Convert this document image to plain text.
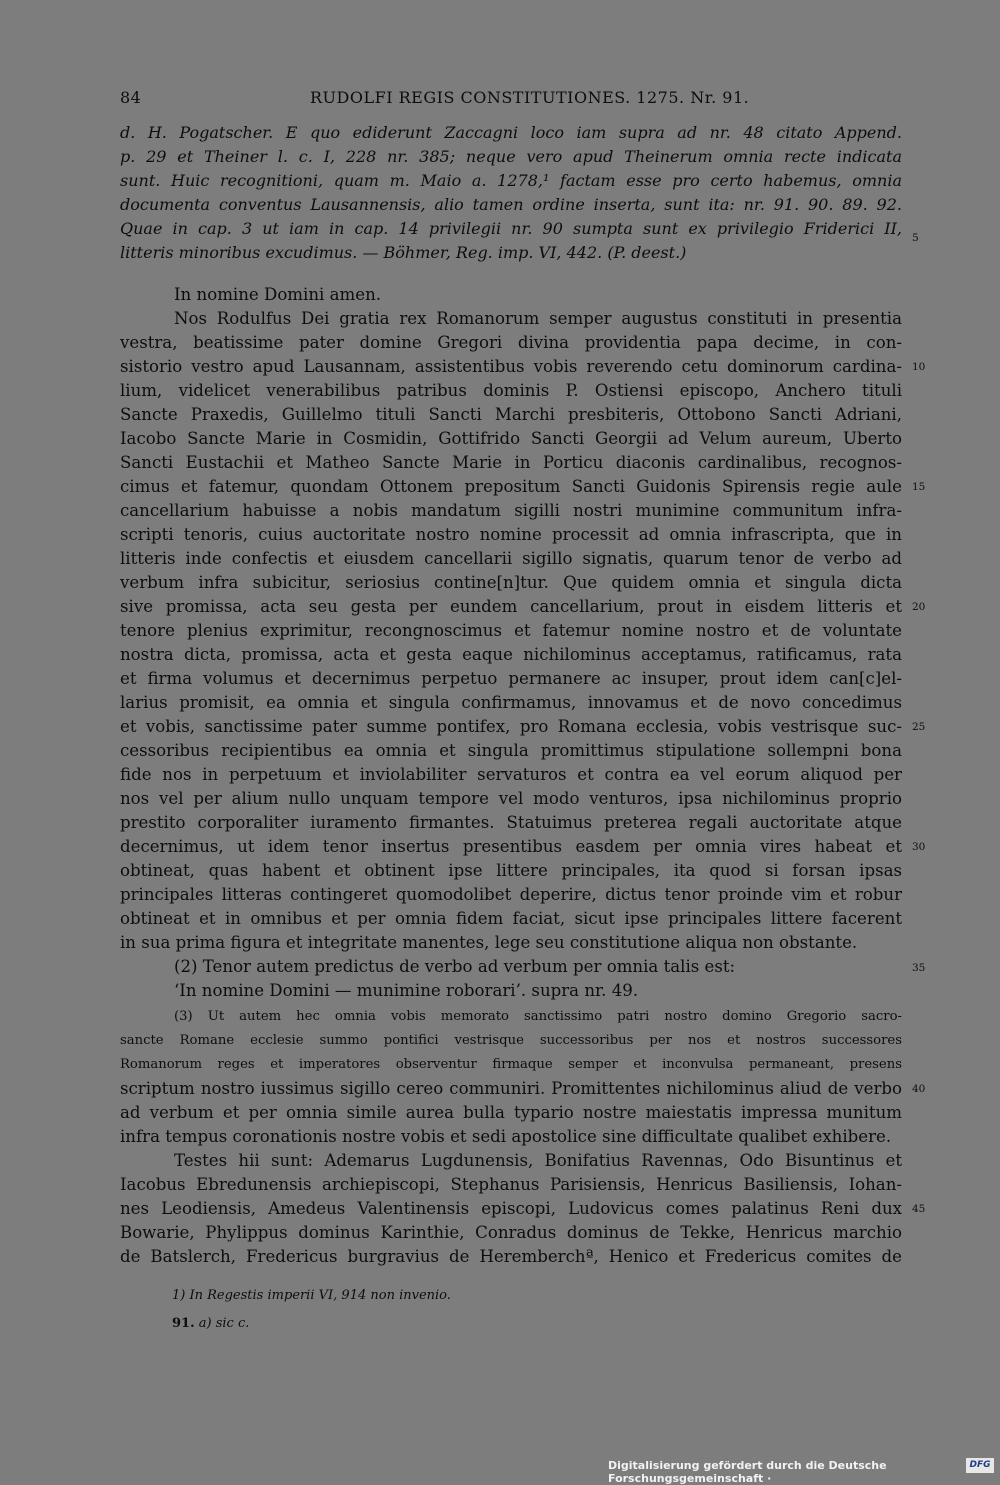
84	RUDOLFI REGIS CONSTITUTIONES. 1275. Nr. 91.
d. H. Pogatscher. E quo ediderunt Zaccagni loco iam supra ad nr. 48 citato Append.
p. 29 et Theiner l. c. I, 228 nr. 385; neque vero apud Theinerum omnia recte indicata
sunt. Huic recognitioni, quam m. Maio a. 1278,¹ factam esse pro certo habemus, omnia
documenta conventus Lausannensis, alio tamen ordine inserta, sunt ita: nr. 91. 90. 89. 92.
Quae in cap. 3 ut iam in cap. 14 privilegii nr. 90 sumpta sunt ex privilegio Friderici II,
litteris minoribus excudimus. — Böhmer, Reg. imp. VI, 442. (P. deest.)
In nomine Domini amen.
Nos Rodulfus Dei gratia rex Romanorum semper augustus constituti in presentia
vestra, beatissime pater domine Gregori divina providentia papa decime, in con-
sistorio vestro apud Lausannam, assistentibus vobis reverendo cetu dominorum cardina-
lium, videlicet venerabilibus patribus dominis P. Ostiensi episcopo, Anchero tituli
Sancte Praxedis, Guillelmo tituli Sancti Marchi presbiteris, Ottobono Sancti Adriani,
Iacobo Sancte Marie in Cosmidin, Gottifrido Sancti Georgii ad Velum aureum, Uberto
Sancti Eustachii et Matheo Sancte Marie in Porticu diaconis cardinalibus, recognos-
cimus et fatemur, quondam Ottonem prepositum Sancti Guidonis Spirensis regie aule
cancellarium habuisse a nobis mandatum sigilli nostri munimine communitum infra-
scripti tenoris, cuius auctoritate nostro nomine processit ad omnia infrascripta, que in
litteris inde confectis et eiusdem cancellarii sigillo signatis, quarum tenor de verbo ad
verbum infra subicitur, seriosius contine[n]tur. Que quidem omnia et singula dicta
sive promissa, acta seu gesta per eundem cancellarium, prout in eisdem litteris et
tenore plenius exprimitur, recongnoscimus et fatemur nomine nostro et de voluntate
nostra dicta, promissa, acta et gesta eaque nichilominus acceptamus, ratificamus, rata
et firma volumus et decernimus perpetuo permanere ac insuper, prout idem can[c]el-
larius promisit, ea omnia et singula confirmamus, innovamus et de novo concedimus
et vobis, sanctissime pater summe pontifex, pro Romana ecclesia, vobis vestrisque suc-
cessoribus recipientibus ea omnia et singula promittimus stipulatione sollempni bona
fide nos in perpetuum et inviolabiliter servaturos et contra ea vel eorum aliquod per
nos vel per alium nullo unquam tempore vel modo venturos, ipsa nichilominus proprio
prestito corporaliter iuramento firmantes. Statuimus preterea regali auctoritate atque
decernimus, ut idem tenor insertus presentibus easdem per omnia vires habeat et
obtineat, quas habent et obtinent ipse littere principales, ita quod si forsan ipsas
principales litteras contingeret quomodolibet deperire, dictus tenor proinde vim et robur
obtineat et in omnibus et per omnia fidem faciat, sicut ipse principales littere facerent
in sua prima figura et integritate manentes, lege seu constitutione aliqua non obstante.
(2) Tenor autem predictus de verbo ad verbum per omnia talis est:
‘In nomine Domini — munimine roborari’. supra nr. 49.
(3) Ut autem hec omnia vobis memorato sanctissimo patri nostro domino Gregorio sacro-
sancte Romane ecclesie summo pontifici vestrisque successoribus per nos et nostros successores
Romanorum reges et imperatores observentur firmaque semper et inconvulsa permaneant, presens
scriptum nostro iussimus sigillo cereo communiri. Promittentes nichilominus aliud de verbo
ad verbum et per omnia simile aurea bulla typario nostre maiestatis impressa munitum
infra tempus coronationis nostre vobis et sedi apostolice sine difficultate qualibet exhibere.
Testes hii sunt: Ademarus Lugdunensis, Bonifatius Ravennas, Odo Bisuntinus et
Iacobus Ebredunensis archiepiscopi, Stephanus Parisiensis, Henricus Basiliensis, Iohan-
nes Leodiensis, Amedeus Valentinensis episcopi, Ludovicus comes palatinus Reni dux
Bowarie, Phylippus dominus Karinthie, Conradus dominus de Tekke, Henricus marchio
de Batslerch, Fredericus burgravius de Heremberchª, Henico et Fredericus comites de
5
10
15
20
25
30
35
40
45
1) In Regestis imperii VI, 914 non invenio.
91. a) sic c.
Digitalisierung gefördert durch die Deutsche Forschungsgemeinschaft ·
DFG
